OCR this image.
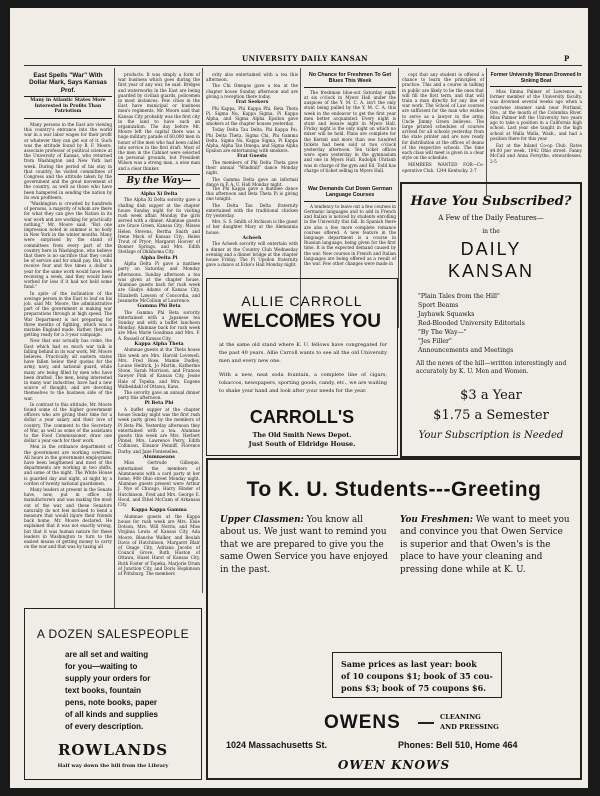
UNIVERSITY DAILY KANSAN	P
East Spells "War" With Dollar Mark, Says Kansas Prof.
Many in Atlantic States More Interested in Profits Than Patriotism

Many persons in the East are viewing this country's entrance into the world war in a war labor wages for their profit or whatever they can get out of it. Such was the attitude found by B. F. Moore, associate professor of political science at the University of Kansas, who returned from Washington and New York last week. During the period of his stay in that country, he visited committees of Congress and the attitude taken by the government and the great movement of the country, as well as those who have been hampered in sending the nation by its own profiteers.

"Washington is crowded by hundreds of persons, a majority of whom are there for what they can give the Nation in its war work and are working for practically nothing," Mr. Moore said. "But one impression noted in summer is no body in New York in the winter months. Many were surprised by the stand of committees from every part of the country here in Washington, who believe that there is no sacrifice that they could be of service and for small pay. But, who receive four and five times a dollar a year for the same work would have been receiving a week, and they would have worked for less if it had not held some fund."

In spite of the inclination of the average person in the East to loaf on his job, said Mr. Moore, the administrative part of the government is making war preparations through at high speed. The War Department is not preparing for three months of fighting, which was a mistake England made. Rather, they are getting ready for a 3-year campaign.

Now that war actually has come, the East which had so much war talk is falling behind in its war work, Mr. Moore believes. Practically all eastern states have fallen below their quotas for the army, navy, and national guard, while many are being filled by men who have been drafted. The men, being interested in many war industries, have had a new source of thought, and are devoting themselves to the business side of the war.

In contrast to this attitude, Mr. Moore found some of the higher government officers who are giving their time for a dollar a year salary and their love of country. The comment to the Secretary of War, as well as some of the assistants to the Food Commissioner, draw one dollar a year each for their work.

Men in the ordnance department of the government are working overtime. All hours in the government employment have been lengthened and most of the departments are working in two shifts, and some of the night. The White House is guarded day and night, at night by a cordon of twenty national guardsmen.

Many leaders at present in the Senate have, now, put in office by manufacturers and was making the most out of the war, and these Senators naturally do not feel inclined to bend a measure that would injure their friends back home, Mr. Moore declared. He explained that it was not exactly wrong, but that it was human nature for these leaders in Washington to turn to the easiest means of getting money to carry on the war and that was by taxing all

products. It was simply a form of war business which goes during the first year of any war, he said. Bridges and waterworks in the East are being guarded by civilian guards, policemen in most instances. Few cities in the East have municipal or business men's regiments, Mr. Moore said that Kansas City probably was the first city in the land to have such an organization. The day before Mr. Moore left the capital there was a huge military parade of 60,000 men in honor of the men who had been called into service in the first draft. Most of the men in the Cabinet were selected on personal grounds, but President Wilson was a strong man, a wise man and a clear thinker.

By the Way—
Alpha Xi Delta

The Alpha Xi Delta sorority gave a chafing dish supper at the chapter house Sunday night for its visiting rush week affair. Monday the girls served with a dinner. Alumnae guests are Grace Green, Kansas City; Misses Helen Stevens, Bertha Smith and Irene Mack of Kansas City; Helen Trout of Pryor; Margaret Hoover of Bonner Springs, and Mrs. Edith Stotlage of Oklahoma City.

Alpha Delta Pi

Alpha Delta Pi gave a matinee party on Saturday and Monday afternoons. Sunday afternoon a tea was given at the chapter house. Alumnae guests back for rush week are Gladys Adams of Kansas City, Elizabeth Lawson of Concordia, and Jeannette McCollum of Lawrence.

Gamma Phi Beta

The Gamma Phi Beta sorority entertained with a Japanese tea Sunday and with a buffet luncheon Monday. Alumnae back for rush week are Miss Marie Goodman and Mrs. F. A. Russell of Kansas City.

Kappa Alpha Theta

Alumnae guests at the Theta house this week are Mrs. Harold Lovewell, Mrs. Fred Rose, Mamie Dudley, Louise Hedrick, Jo Martin, Katherine Stone, Sarah Morrison, and Frances Sawyer Fink of Kansas City, Jessie Hale of Topeka, and Mrs. Eugene Walbeddahl of Ottawa, Kans.

The sorority gave an annual dinner party this afternoon.

Pi Beta Phi

A buffet supper at the chapter house Sunday night was the first rush week party given by the members of Pi Beta Phi. Yesterday afternoon they entertained with a tea. Alumnae guests this week are Mrs. Herbert Pinnel, Mrs. Lawrence Perry, Edith Collinson, Eleanor Penniff, Florence Darby, and Jane Fontenelles.

Alumnaeans

Miss Gertrude Gillespie, entertained the members of Alumnaeans with a card party at her home, 908 Ohio street Monday night. Alumnae guests present were Arthur J. Nye of Chicago, Harry Hinder of Hutchinson, Fred and Mrs. George E. Hood, and Ethel McCann of Arkansas City.

Kappa Kappa Gamma

Alumnae guests at the Kappa house for rush week are Mrs. Elsie Dotson, Mrs. Will Norris, and Miss Virginia Lewis of Kansas City, Ada Moore, Blanche Walker, and Beulah Davis of Hutchinson, Margaret Blair of Osage City, Adriana Jacobs of Council Grove, Ruth Huston of Ottawa, Hazel Hurst of Kansas City, Ruth Foster of Topeka, Marjorie Drum of Junction City, and Doris Hopkinson of Pittsburg. The members

ority also entertained with a tea this afternoon.

The Chi Omegas gave a tea at the chapter house Sunday afternoon and are giving a reception there today.

Frat Seekers

Phi Kappa, Phi Kappa Phi, Beta Theta Pi, Sigma Nu, Kappa Sigma, Pi Kappa Alpha, and Sigma Alpha Epsilon gave smokers at the chapter houses yesterday.

Today Delta Tau Delta, Phi Kappa Psi, Phi Delta Theta, Sigma Chi, Phi Gamma Delta, Sigma Nu, Kappa Sigma, Pi Kappa Alpha, Alpha Tau Omega, and Sigma Alpha Epsilon are entertaining with smokers.

Frat Guests

The members of Phi Delta Theta gave their annual "Windmill" dance Monday night.

The Gamma Delta gave an informal dance in F. A. U. Hall Monday night.

The Phi Kappa gave a matinee dance this afternoon and Beta Theta Pi is giving one tonight.

The Delta Tau Delta fraternity entertained with the traditional chicken fry yesterday.

Mrs. S. S. Smith of Atchison is the guest of her daughter Mary at the Alemannia house.

Acheeh

The Acheeh sorority will entertain with a dinner at the Country Club Wednesday evening and a dinner bridge at the chapter house Friday. The Pi Upsilon fraternity gave a dance at Ecke's Hall Monday night.

No Chance for Freshmen To Get Blues This Week

The freshman blue-out Saturday night at six o'clock in Myers Hall under the auspices of the Y. M. C. A. isn't the only stunt being pulled by the Y. M. C. A. this week in the endeavor to get the first year men better acquainted. Every night is stunt and leisure night in Myers Hall. Friday night is the only night on which no mixer will be held. Plans are complete for the Kermit and more than one hundred tickets had been sold at two o'clock yesterday afternoon. Ten ticket offices were open yesterday in the gymnasium and one in Myers Hall. Rudolph Uhrlaub was in charge of the gym and Ed. Todd has charge of ticket selling in Myers Hall.

cept that any student is offered a chance to learn the principles of practice. This and a course in talking in public are likely to be the ones that will fill the first term, and that will train a man directly for any line of war work. The School of Law courses are sufficient for the man who wishes to serve as a lawyer in the army. Uncle Jimmy Green believes. The large printed schedules of courses arrived for all schools yesterday from the state printer and are now ready for distribution at the offices of deans of the respective schools. The time each class will meet is given in a clear style on the schedule.

MEMBERS WANTED FOR—Co-operative Club. 1244 Kentucky. 2-7

Former University Woman Drowned In Sinking Boat

Miss Emma Palmer of Lawrence, a former member of the University faculty, was drowned several weeks ago when a coastwise steamer sank near Portland, Ore., at the mouth of the Columbia River. Miss Palmer left the University two years ago to take a position in a California high school. Last year she taught in the high school at Walla Walla, Wash., and had a position there for this year.

Eat at the Inland Co-op Club. Rates $4.00 per week. 1042 Ohio street. Fanny McCall and Anna Forsythe, stewardesses. 2-5

War Demands Cut Down German Language Courses

A tendency to leave out a few courses in Germanic languages and to add in French and Italian is noticed by students enrolling in the University this fall. In Spanish there are also a few more complete romance courses offered. A new feature in the language department is a course in Russian language, being given for the first time. It is the expected demand caused by the war. New courses in French and Italian languages are being offered as a result of the war. Few other changes were made in

Have You Subscribed?
A Few of the Daily Features—
in the
DAILY KANSAN
"Plain Tales from the Hill"
Sport Beams
Jayhawk Squawks
Red-Blooded University Editorials
"By The Way—"
"Jes Filler"
Announcements and Meetings
All the news of the hill—written interestingly and accurately by K. U. Men and Women.
$3 a Year
$1.75 a Semester
Your Subscription is Needed
ALLIE CARROLL
WELCOMES YOU
at the same old stand where K. U. fellows have congregated for the past 40 years. Allie Carroll wants to see all the old University men and every new one.
With a new, neat soda fountain, a complete line of cigars, tobaccos, newspapers, sporting goods, candy, etc., we are waiting to shake your hand and look after your needs for the year.
CARROLL'S
The Old Smith News Depot.
Just South of Eldridge House.
A DOZEN SALESPEOPLE
are all set and waiting
for you—waiting to
supply your orders for
text books, fountain
pens, note books, paper
of all kinds and supplies
of every description.
ROWLANDS
Half way down the hill from the Library
To K. U. Students---Greeting
Upper Classmen: You know all about us. We just want to remind you that we are prepared to give you the same Owen Service you have enjoyed in the past.
You Freshmen: We want to meet you and convince you that Owen Service is superior and that Owen's is the place to have your cleaning and pressing done while at K. U.
Same prices as last year: book
of 10 coupons $1; book of 35 cou-
pons $3; book of 75 coupons $6.
OWENS	CLEANING
AND PRESSING
1024 Massachusetts St.	Phones: Bell 510, Home 464
OWEN KNOWS
